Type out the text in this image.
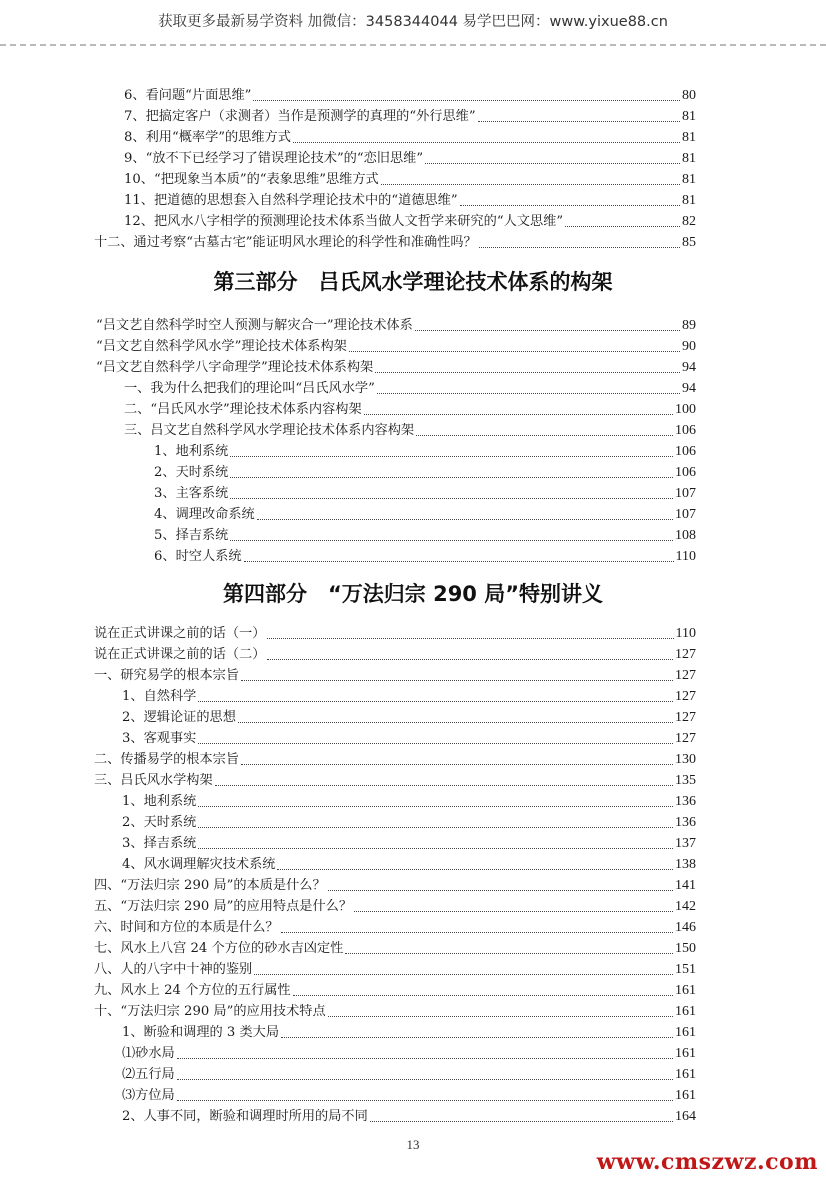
获取更多最新易学资料 加微信：3458344044 易学巴巴网：www.yixue88.cn
6、看问题“片面思维”	80
7、把搞定客户（求测者）当作是预测学的真理的“外行思维”	81
8、利用“概率学”的思维方式	81
9、“放不下已经学习了错误理论技术”的“恋旧思维”	81
10、“把现象当本质”的“表象思维”思维方式	81
11、把道德的思想套入自然科学理论技术中的“道德思维”	81
12、把风水八字相学的预测理论技术体系当做人文哲学来研究的“人文思维”	82
十二、通过考察“古墓古宅”能证明风水理论的科学性和准确性吗？	85
第三部分　吕氏风水学理论技术体系的构架
“吕文艺自然科学时空人预测与解灾合一”理论技术体系	89
“吕文艺自然科学风水学”理论技术体系构架	90
“吕文艺自然科学八字命理学”理论技术体系构架	94
一、我为什么把我们的理论叫“吕氏风水学”	94
二、“吕氏风水学”理论技术体系内容构架	100
三、吕文艺自然科学风水学理论技术体系内容构架	106
1、地利系统	106
2、天时系统	106
3、主客系统	107
4、调理改命系统	107
5、择吉系统	108
6、时空人系统	110
第四部分　“万法归宗 290 局”特别讲义
说在正式讲课之前的话（一）	110
说在正式讲课之前的话（二）	127
一、研究易学的根本宗旨	127
1、自然科学	127
2、逻辑论证的思想	127
3、客观事实	127
二、传播易学的根本宗旨	130
三、吕氏风水学构架	135
1、地利系统	136
2、天时系统	136
3、择吉系统	137
4、风水调理解灾技术系统	138
四、“万法归宗 290 局”的本质是什么？	141
五、“万法归宗 290 局”的应用特点是什么？	142
六、时间和方位的本质是什么？	146
七、风水上八宫 24 个方位的砂水吉凶定性	150
八、人的八字中十神的鉴别	151
九、风水上 24 个方位的五行属性	161
十、“万法归宗 290 局”的应用技术特点	161
1、断验和调理的 3 类大局	161
⑴砂水局	161
⑵五行局	161
⑶方位局	161
2、人事不同，断验和调理时所用的局不同	164
13
www.cmszwz.com
